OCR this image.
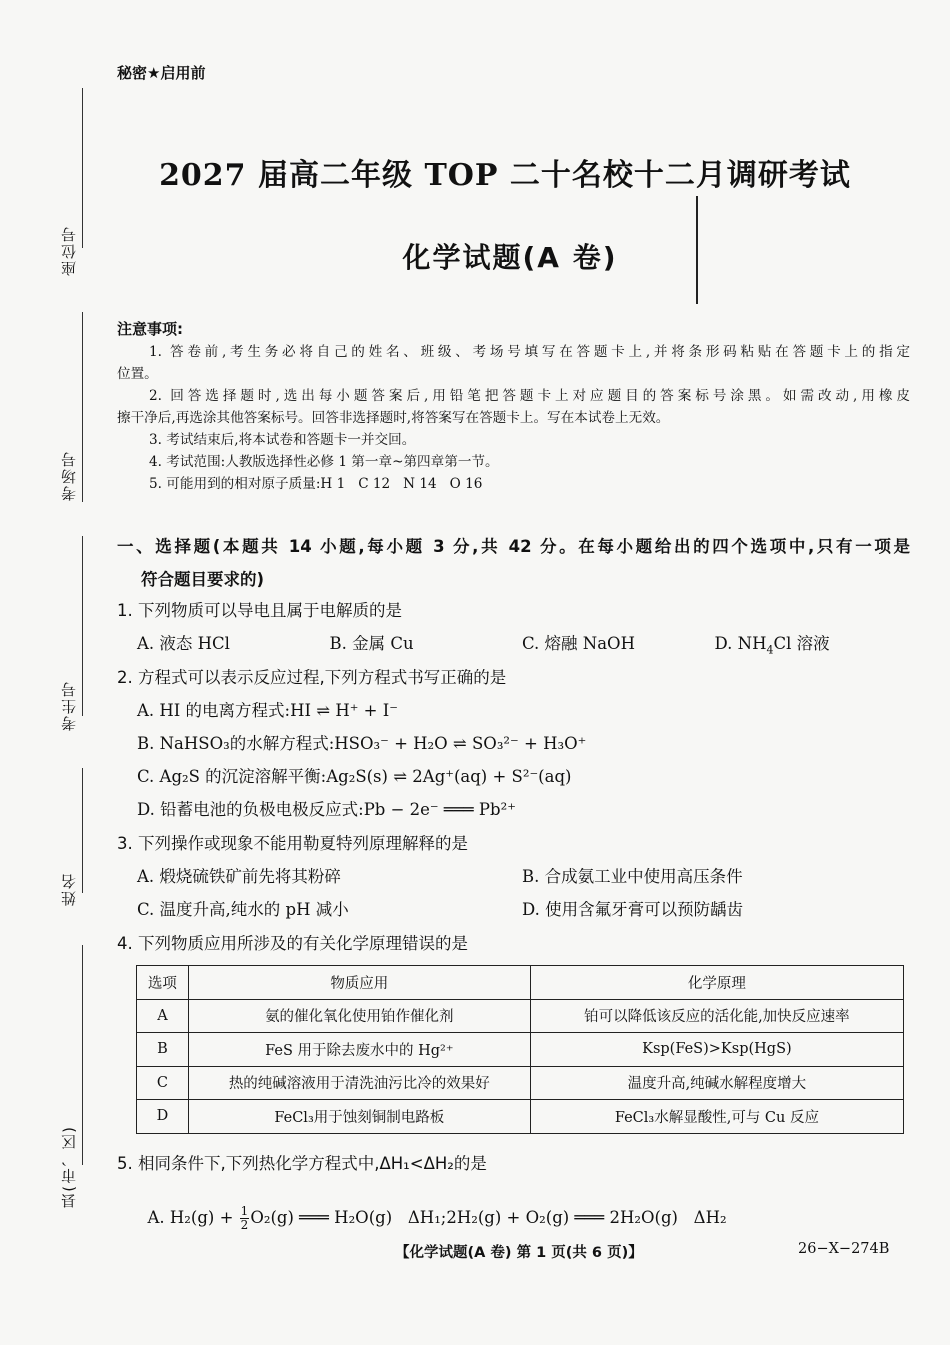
座位号
考场号
考生号
姓名
县(市、区)
秘密★启用前
2027 届高二年级 TOP 二十名校十二月调研考试
化学试题(A 卷)
注意事项:
1. 答卷前,考生务必将自己的姓名、班级、考场号填写在答题卡上,并将条形码粘贴在答题卡上的指定
位置。
2. 回答选择题时,选出每小题答案后,用铅笔把答题卡上对应题目的答案标号涂黑。如需改动,用橡皮
擦干净后,再选涂其他答案标号。回答非选择题时,将答案写在答题卡上。写在本试卷上无效。
3. 考试结束后,将本试卷和答题卡一并交回。
4. 考试范围:人教版选择性必修 1 第一章~第四章第一节。
5. 可能用到的相对原子质量:H 1   C 12   N 14   O 16
一、选择题(本题共 14 小题,每小题 3 分,共 42 分。在每小题给出的四个选项中,只有一项是
符合题目要求的)
1. 下列物质可以导电且属于电解质的是
A. 液态 HCl	B. 金属 Cu	C. 熔融 NaOH	D. $NH_4Cl$ 溶液
2. 方程式可以表示反应过程,下列方程式书写正确的是
A. HI 的电离方程式:HI ⇌ H⁺ + I⁻
B. NaHSO₃的水解方程式:HSO₃⁻ + H₂O ⇌ SO₃²⁻ + H₃O⁺
C. Ag₂S 的沉淀溶解平衡:Ag₂S(s) ⇌ 2Ag⁺(aq) + S²⁻(aq)
D. 铅蓄电池的负极电极反应式:Pb − 2e⁻ ═══ Pb²⁺
3. 下列操作或现象不能用勒夏特列原理解释的是
A. 煅烧硫铁矿前先将其粉碎	B. 合成氨工业中使用高压条件
C. 温度升高,纯水的 pH 减小	D. 使用含氟牙膏可以预防龋齿
4. 下列物质应用所涉及的有关化学原理错误的是
选项	物质应用	化学原理
A	氨的催化氧化使用铂作催化剂	铂可以降低该反应的活化能,加快反应速率
B	FeS 用于除去废水中的 Hg²⁺	Ksp(FeS)>Ksp(HgS)
C	热的纯碱溶液用于清洗油污比冷的效果好	温度升高,纯碱水解程度增大
D	FeCl₃用于蚀刻铜制电路板	FeCl₃水解显酸性,可与 Cu 反应
5. 相同条件下,下列热化学方程式中,ΔH₁<ΔH₂的是

A. $H_2(g) + \frac{1}{2} O_2(g)$ ═══ H₂O(g)   ΔH₁;2H₂(g) + O₂(g) ═══ 2H₂O(g)   ΔH₂

【化学试题(A 卷) 第 1 页(共 6 页)】	26−X−274B
